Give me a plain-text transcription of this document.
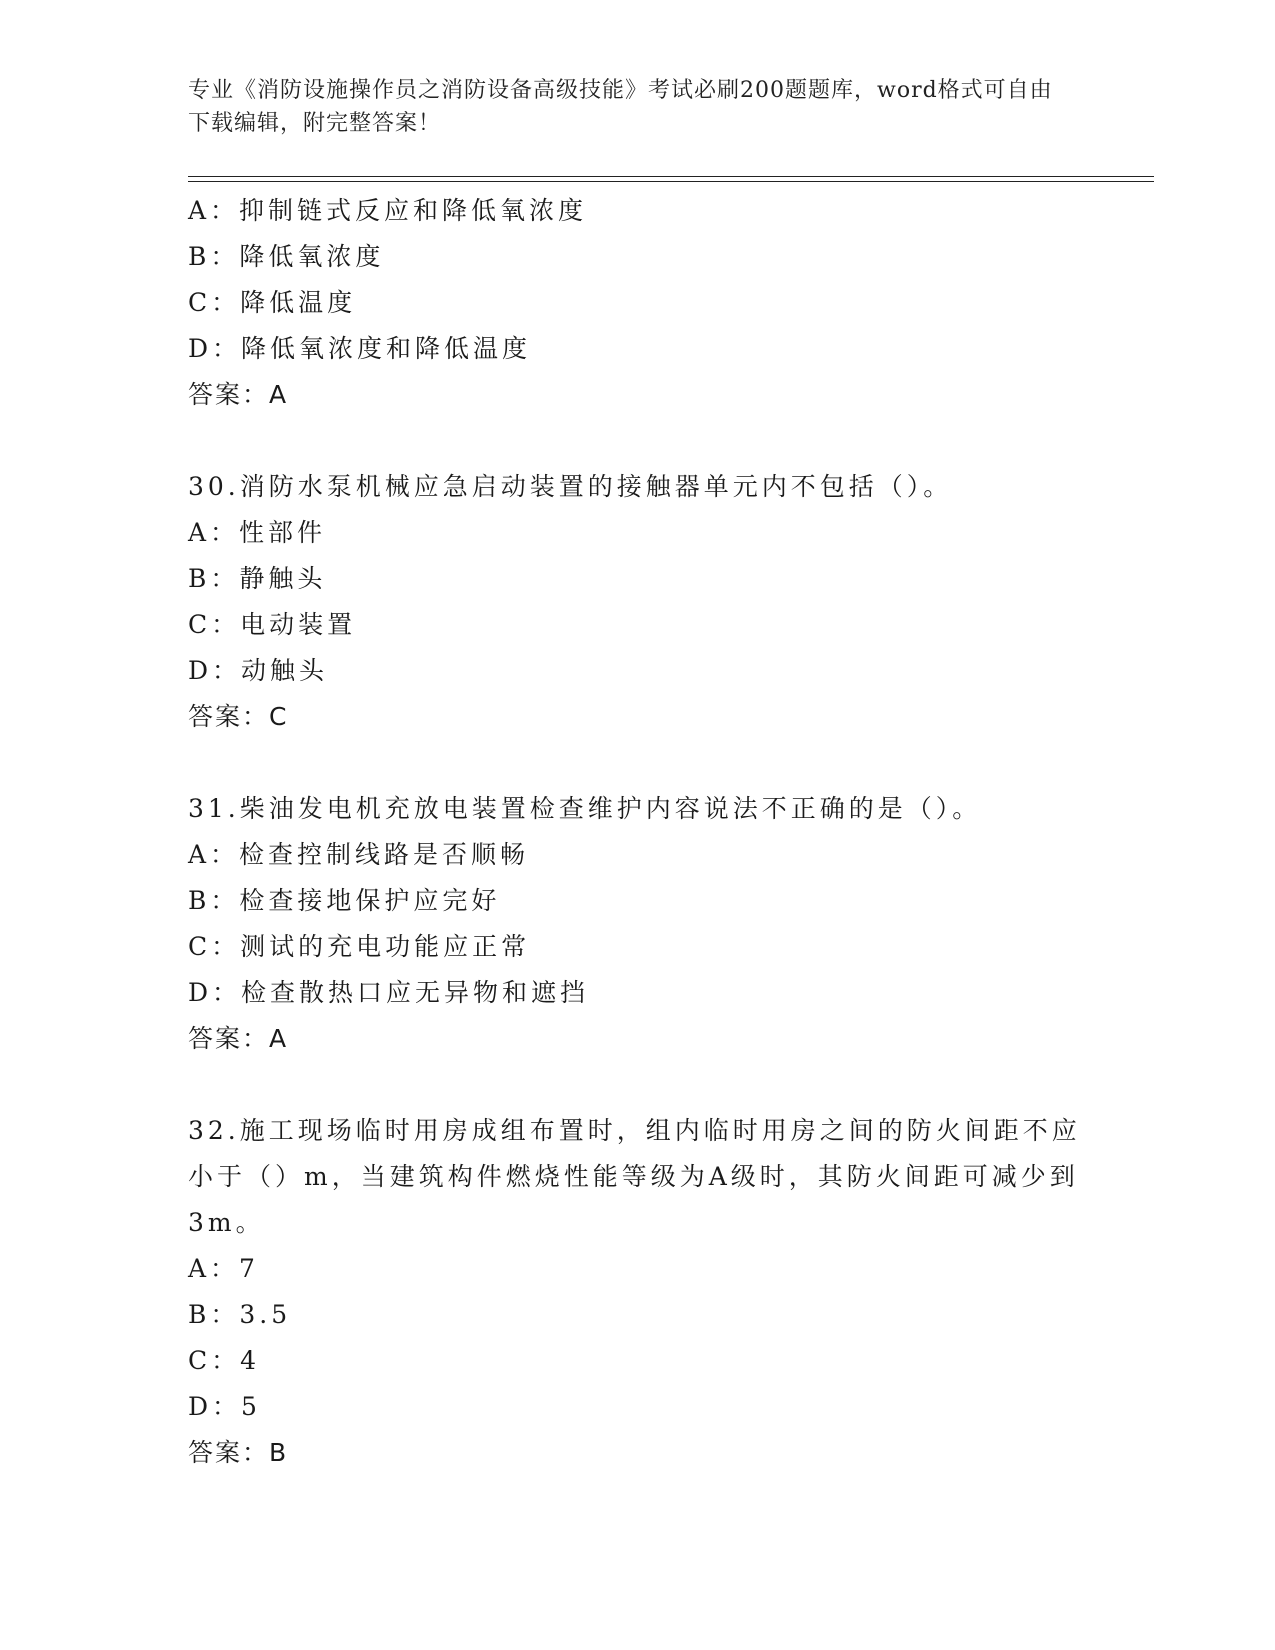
专业《消防设施操作员之消防设备高级技能》考试必刷200题题库，word格式可自由下载编辑，附完整答案！
A：抑制链式反应和降低氧浓度
B：降低氧浓度
C：降低温度
D：降低氧浓度和降低温度
答案：A
30.消防水泵机械应急启动装置的接触器单元内不包括（）。
A：性部件
B：静触头
C：电动装置
D：动触头
答案：C
31.柴油发电机充放电装置检查维护内容说法不正确的是（）。
A：检查控制线路是否顺畅
B：检查接地保护应完好
C：测试的充电功能应正常
D：检查散热口应无异物和遮挡
答案：A
32.施工现场临时用房成组布置时，组内临时用房之间的防火间距不应小于（）m，当建筑构件燃烧性能等级为A级时，其防火间距可减少到3m。
A：7
B：3.5
C：4
D：5
答案：B
